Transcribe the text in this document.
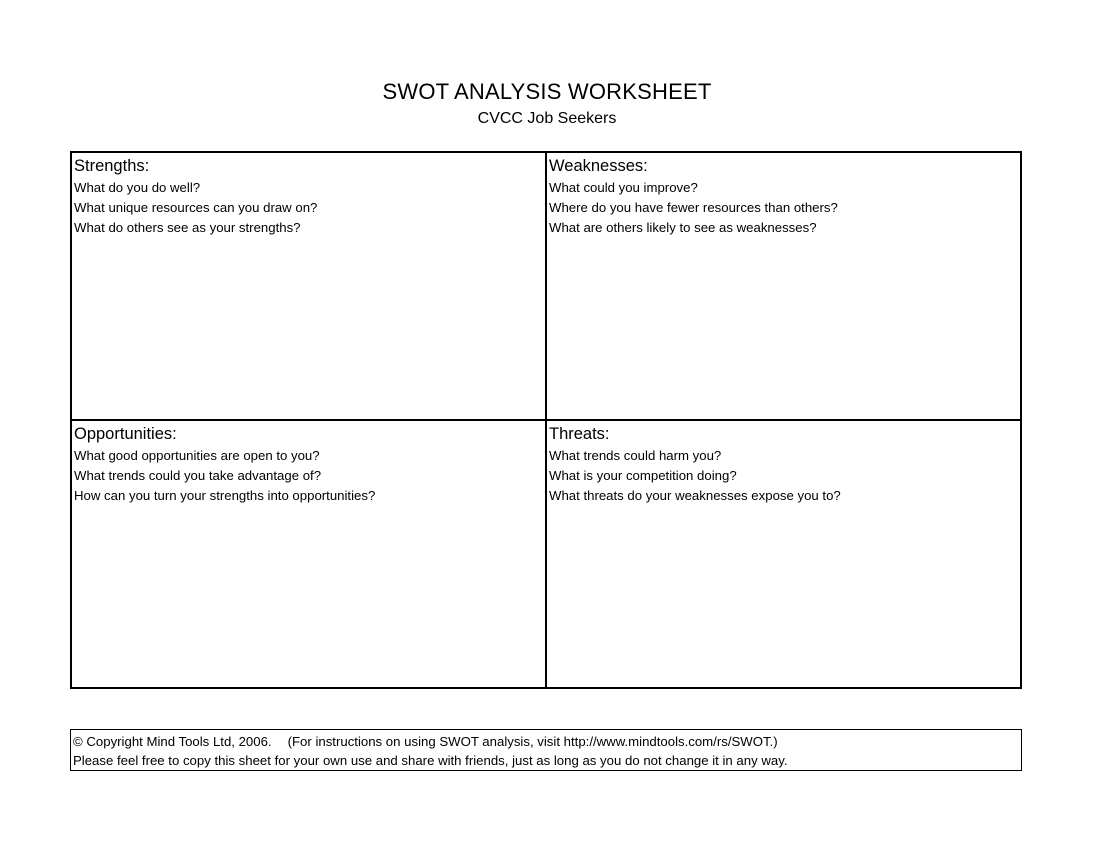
SWOT ANALYSIS WORKSHEET
CVCC Job Seekers
Strengths:
What do you do well?
What unique resources can you draw on?
What do others see as your strengths?
Weaknesses:
What could you improve?
Where do you have fewer resources than others?
What are others likely to see as weaknesses?
Opportunities:
What good opportunities are open to you?
What trends could you take advantage of?
How can you turn your strengths into opportunities?
Threats:
What trends could harm you?
What is your competition doing?
What threats do your weaknesses expose you to?
© Copyright Mind Tools Ltd, 2006. (For instructions on using SWOT analysis, visit http://www.mindtools.com/rs/SWOT.)
Please feel free to copy this sheet for your own use and share with friends, just as long as you do not change it in any way.
